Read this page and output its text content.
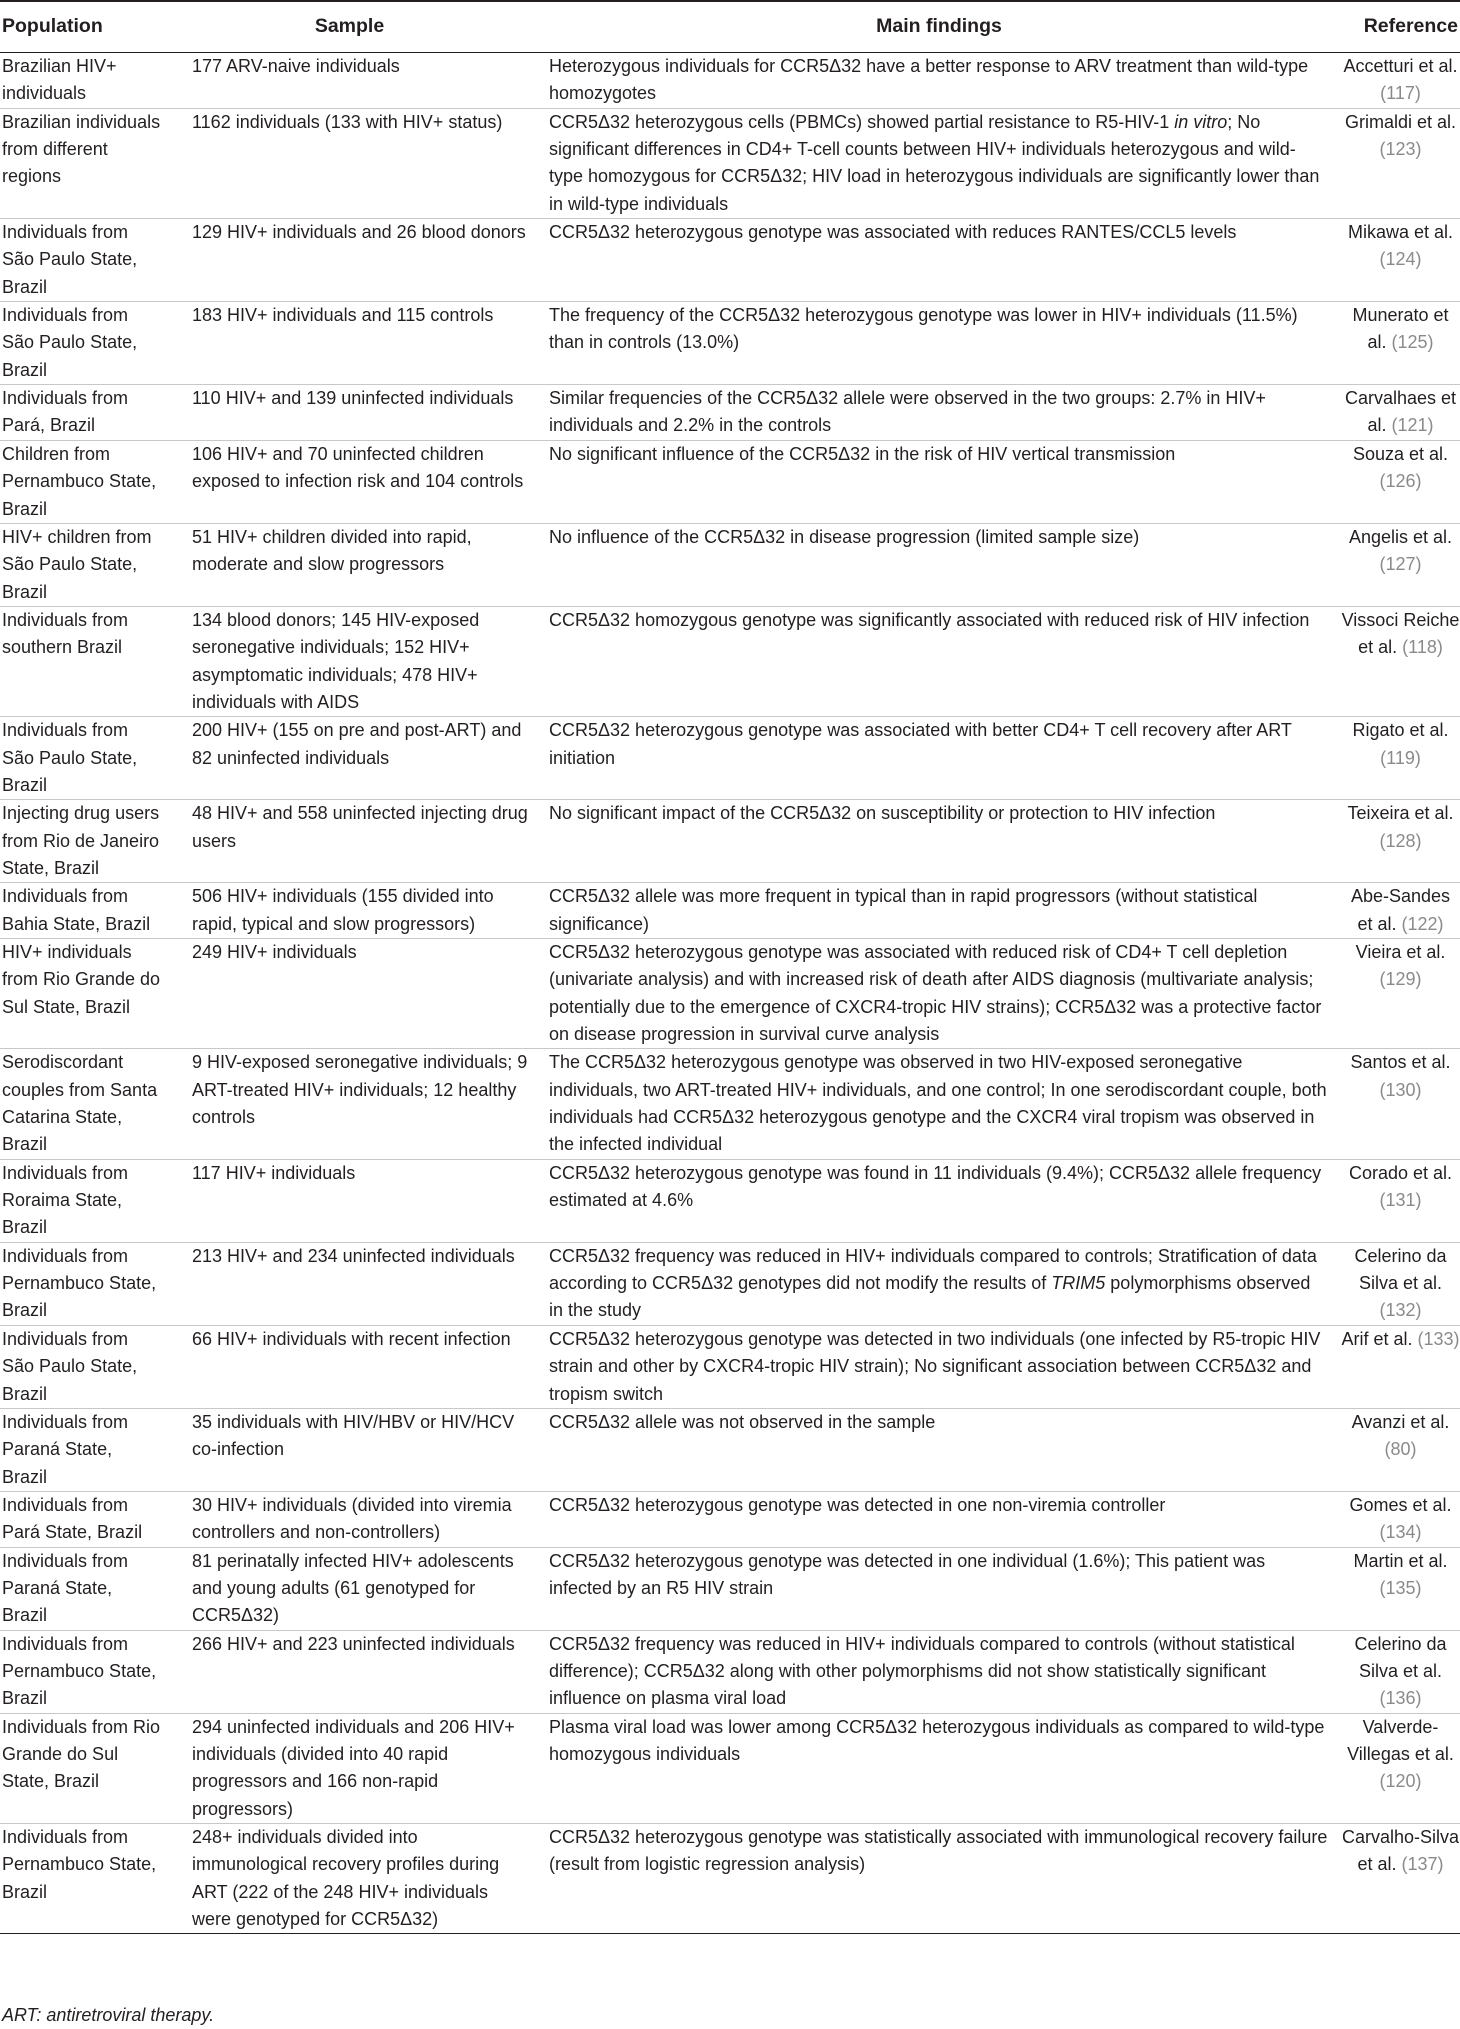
Population	Sample	Main findings	Reference
Brazilian HIV+ individuals	177 ARV-naive individuals	Heterozygous individuals for CCR5Δ32 have a better response to ARV treatment than wild-type homozygotes	Accetturi et al. (117)
Brazilian individuals from different regions	1162 individuals (133 with HIV+ status)	CCR5Δ32 heterozygous cells (PBMCs) showed partial resistance to R5-HIV-1 in vitro; No significant differences in CD4+ T-cell counts between HIV+ individuals heterozygous and wild-type homozygous for CCR5Δ32; HIV load in heterozygous individuals are significantly lower than in wild-type individuals	Grimaldi et al. (123)
Individuals from São Paulo State, Brazil	129 HIV+ individuals and 26 blood donors	CCR5Δ32 heterozygous genotype was associated with reduces RANTES/CCL5 levels	Mikawa et al. (124)
Individuals from São Paulo State, Brazil	183 HIV+ individuals and 115 controls	The frequency of the CCR5Δ32 heterozygous genotype was lower in HIV+ individuals (11.5%) than in controls (13.0%)	Munerato et al. (125)
Individuals from Pará, Brazil	110 HIV+ and 139 uninfected individuals	Similar frequencies of the CCR5Δ32 allele were observed in the two groups: 2.7% in HIV+ individuals and 2.2% in the controls	Carvalhaes et al. (121)
Children from Pernambuco State, Brazil	106 HIV+ and 70 uninfected children exposed to infection risk and 104 controls	No significant influence of the CCR5Δ32 in the risk of HIV vertical transmission	Souza et al. (126)
HIV+ children from São Paulo State, Brazil	51 HIV+ children divided into rapid, moderate and slow progressors	No influence of the CCR5Δ32 in disease progression (limited sample size)	Angelis et al. (127)
Individuals from southern Brazil	134 blood donors; 145 HIV-exposed seronegative individuals; 152 HIV+ asymptomatic individuals; 478 HIV+ individuals with AIDS	CCR5Δ32 homozygous genotype was significantly associated with reduced risk of HIV infection	Vissoci Reiche et al. (118)
Individuals from São Paulo State, Brazil	200 HIV+ (155 on pre and post-ART) and 82 uninfected individuals	CCR5Δ32 heterozygous genotype was associated with better CD4+ T cell recovery after ART initiation	Rigato et al. (119)
Injecting drug users from Rio de Janeiro State, Brazil	48 HIV+ and 558 uninfected injecting drug users	No significant impact of the CCR5Δ32 on susceptibility or protection to HIV infection	Teixeira et al. (128)
Individuals from Bahia State, Brazil	506 HIV+ individuals (155 divided into rapid, typical and slow progressors)	CCR5Δ32 allele was more frequent in typical than in rapid progressors (without statistical significance)	Abe-Sandes et al. (122)
HIV+ individuals from Rio Grande do Sul State, Brazil	249 HIV+ individuals	CCR5Δ32 heterozygous genotype was associated with reduced risk of CD4+ T cell depletion (univariate analysis) and with increased risk of death after AIDS diagnosis (multivariate analysis; potentially due to the emergence of CXCR4-tropic HIV strains); CCR5Δ32 was a protective factor on disease progression in survival curve analysis	Vieira et al. (129)
Serodiscordant couples from Santa Catarina State, Brazil	9 HIV-exposed seronegative individuals; 9 ART-treated HIV+ individuals; 12 healthy controls	The CCR5Δ32 heterozygous genotype was observed in two HIV-exposed seronegative individuals, two ART-treated HIV+ individuals, and one control; In one serodiscordant couple, both individuals had CCR5Δ32 heterozygous genotype and the CXCR4 viral tropism was observed in the infected individual	Santos et al. (130)
Individuals from Roraima State, Brazil	117 HIV+ individuals	CCR5Δ32 heterozygous genotype was found in 11 individuals (9.4%); CCR5Δ32 allele frequency estimated at 4.6%	Corado et al. (131)
Individuals from Pernambuco State, Brazil	213 HIV+ and 234 uninfected individuals	CCR5Δ32 frequency was reduced in HIV+ individuals compared to controls; Stratification of data according to CCR5Δ32 genotypes did not modify the results of TRIM5 polymorphisms observed in the study	Celerino da Silva et al. (132)
Individuals from São Paulo State, Brazil	66 HIV+ individuals with recent infection	CCR5Δ32 heterozygous genotype was detected in two individuals (one infected by R5-tropic HIV strain and other by CXCR4-tropic HIV strain); No significant association between CCR5Δ32 and tropism switch	Arif et al. (133)
Individuals from Paraná State, Brazil	35 individuals with HIV/HBV or HIV/HCV co-infection	CCR5Δ32 allele was not observed in the sample	Avanzi et al. (80)
Individuals from Pará State, Brazil	30 HIV+ individuals (divided into viremia controllers and non-controllers)	CCR5Δ32 heterozygous genotype was detected in one non-viremia controller	Gomes et al. (134)
Individuals from Paraná State, Brazil	81 perinatally infected HIV+ adolescents and young adults (61 genotyped for CCR5Δ32)	CCR5Δ32 heterozygous genotype was detected in one individual (1.6%); This patient was infected by an R5 HIV strain	Martin et al. (135)
Individuals from Pernambuco State, Brazil	266 HIV+ and 223 uninfected individuals	CCR5Δ32 frequency was reduced in HIV+ individuals compared to controls (without statistical difference); CCR5Δ32 along with other polymorphisms did not show statistically significant influence on plasma viral load	Celerino da Silva et al. (136)
Individuals from Rio Grande do Sul State, Brazil	294 uninfected individuals and 206 HIV+ individuals (divided into 40 rapid progressors and 166 non-rapid progressors)	Plasma viral load was lower among CCR5Δ32 heterozygous individuals as compared to wild-type homozygous individuals	Valverde-Villegas et al. (120)
Individuals from Pernambuco State, Brazil	248+ individuals divided into immunological recovery profiles during ART (222 of the 248 HIV+ individuals were genotyped for CCR5Δ32)	CCR5Δ32 heterozygous genotype was statistically associated with immunological recovery failure (result from logistic regression analysis)	Carvalho-Silva et al. (137)
ART: antiretroviral therapy.
